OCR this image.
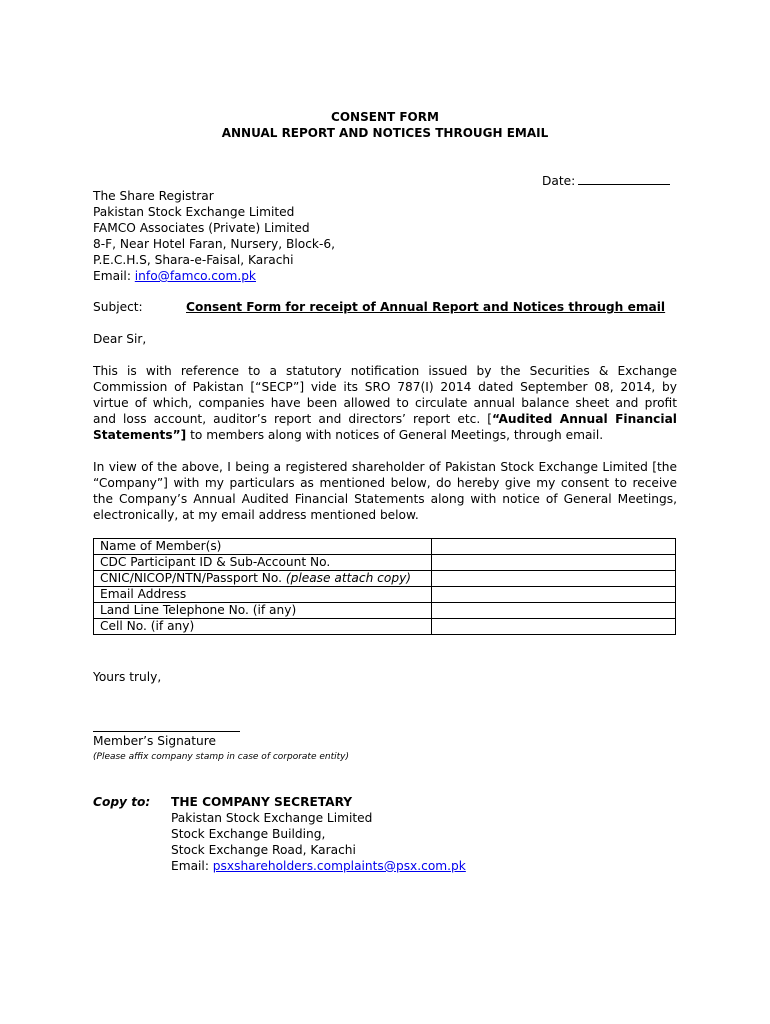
CONSENT FORM
ANNUAL REPORT AND NOTICES THROUGH EMAIL
Date:
The Share Registrar
Pakistan Stock Exchange Limited
FAMCO Associates (Private) Limited
8-F, Near Hotel Faran, Nursery, Block-6,
P.E.C.H.S, Shara-e-Faisal, Karachi
Email: info@famco.com.pk
Subject:	Consent Form for receipt of Annual Report and Notices through email
Dear Sir,
This is with reference to a statutory notification issued by the Securities & Exchange
Commission of Pakistan [“SECP”] vide its SRO 787(I) 2014 dated September 08, 2014, by
virtue of which, companies have been allowed to circulate annual balance sheet and profit
and loss account, auditor’s report and directors’ report etc. [“Audited Annual Financial
Statements”] to members along with notices of General Meetings, through email.
In view of the above, I being a registered shareholder of Pakistan Stock Exchange Limited [the
“Company”] with my particulars as mentioned below, do hereby give my consent to receive
the Company’s Annual Audited Financial Statements along with notice of General Meetings,
electronically, at my email address mentioned below.
Name of Member(s)	
CDC Participant ID & Sub-Account No.	
CNIC/NICOP/NTN/Passport No. (please attach copy)	
Email Address	
Land Line Telephone No. (if any)	
Cell No. (if any)	
Yours truly,
Member’s Signature
(Please affix company stamp in case of corporate entity)
Copy to: THE COMPANY SECRETARY
Pakistan Stock Exchange Limited
Stock Exchange Building,
Stock Exchange Road, Karachi
Email: psxshareholders.complaints@psx.com.pk
